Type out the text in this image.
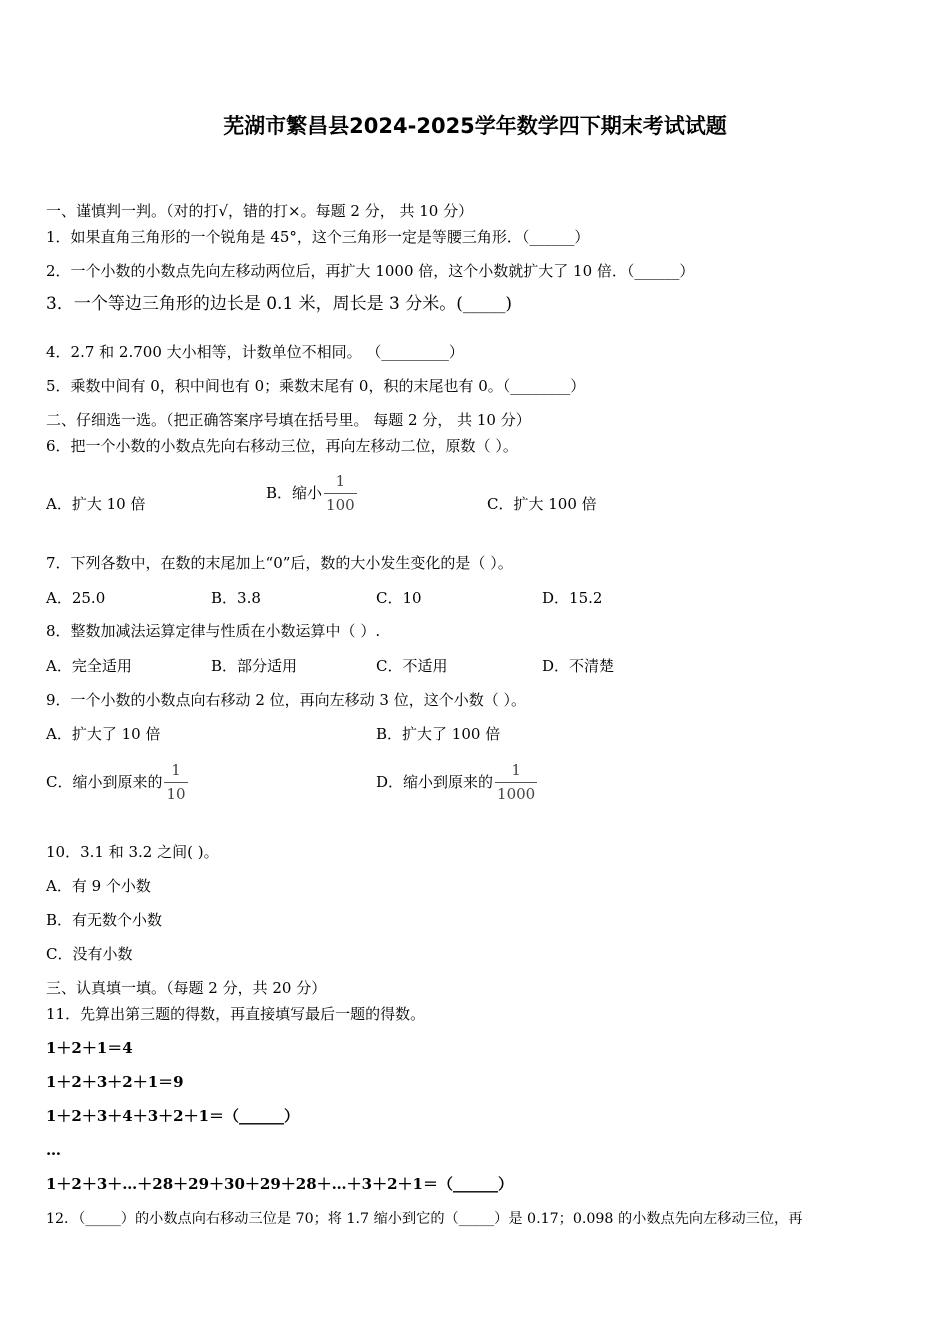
芜湖市繁昌县2024-2025学年数学四下期末考试试题
一、谨慎判一判。（对的打√，错的打×。每题 2 分， 共 10 分）
1．如果直角三角形的一个锐角是 45°，这个三角形一定是等腰三角形．（______）
2．一个小数的小数点先向左移动两位后，再扩大 1000 倍，这个小数就扩大了 10 倍．（______）
3．一个等边三角形的边长是 0.1 米，周长是 3 分米。(_____)
4．2.7 和 2.700 大小相等，计数单位不相同。 （_________）
5．乘数中间有 0，积中间也有 0；乘数末尾有 0，积的末尾也有 0。（________）
二、仔细选一选。（把正确答案序号填在括号里。 每题 2 分， 共 10 分）
6．把一个小数的小数点先向右移动三位，再向左移动二位，原数（ ）。
A．扩大 10 倍
B．缩小 $\frac{1}{100}$	C．扩大 100 倍
7．下列各数中，在数的末尾加上“0”后，数的大小发生变化的是（ ）。
A．25.0	B．3.8	C．10	D．15.2
8．整数加减法运算定律与性质在小数运算中（ ）.
A．完全适用	B．部分适用	C．不适用	D．不清楚
9．一个小数的小数点向右移动 2 位，再向左移动 3 位，这个小数（ ）。
A．扩大了 10 倍	B．扩大了 100 倍
C．缩小到原来的 $\frac{1}{10}$	D．缩小到原来的 $\frac{1}{1000}$
10．3.1 和 3.2 之间( )。
A．有 9 个小数
B．有无数个小数
C．没有小数
三、认真填一填。（每题 2 分，共 20 分）
11．先算出第三题的得数，再直接填写最后一题的得数。
1＋2＋1＝4
1＋2＋3＋2＋1＝9
1＋2＋3＋4＋3＋2＋1＝（______）
…
1＋2＋3＋…＋28＋29＋30＋29＋28＋…＋3＋2＋1＝（______）
12．（_____）的小数点向右移动三位是 70；将 1.7 缩小到它的（_____）是 0.17；0.098 的小数点先向左移动三位，再
